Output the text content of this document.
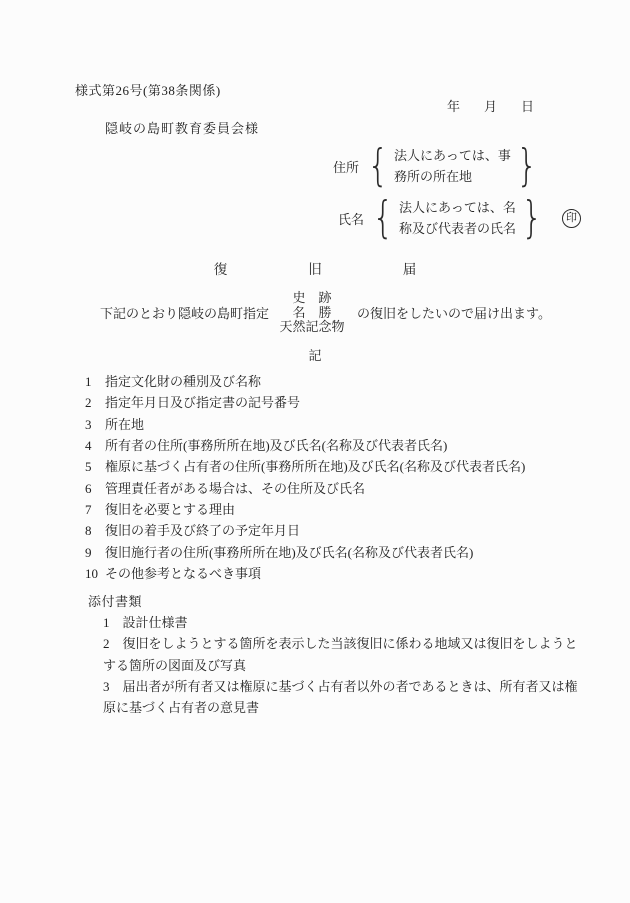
様式第26号(第38条関係)
年 月 日
隠岐の島町教育委員会様
住所 { 法人にあっては、事
務所の所在地	}
氏名 { 法人にあっては、名
称及び代表者の氏名 }	印
復	旧	届
下記のとおり隠岐の島町指定
史　跡
名　勝
天然記念物
の復旧をしたいので届け出ます。
記
1 指定文化財の種別及び名称
2 指定年月日及び指定書の記号番号
3 所在地
4 所有者の住所(事務所所在地)及び氏名(名称及び代表者氏名)
5 権原に基づく占有者の住所(事務所所在地)及び氏名(名称及び代表者氏名)
6 管理責任者がある場合は、その住所及び氏名
7 復旧を必要とする理由
8 復旧の着手及び終了の予定年月日
9 復旧施行者の住所(事務所所在地)及び氏名(名称及び代表者氏名)
10 その他参考となるべき事項
添付書類
1 設計仕様書
2 復旧をしようとする箇所を表示した当該復旧に係わる地域又は復旧をしようとする箇所の図面及び写真
3 届出者が所有者又は権原に基づく占有者以外の者であるときは、所有者又は権原に基づく占有者の意見書
